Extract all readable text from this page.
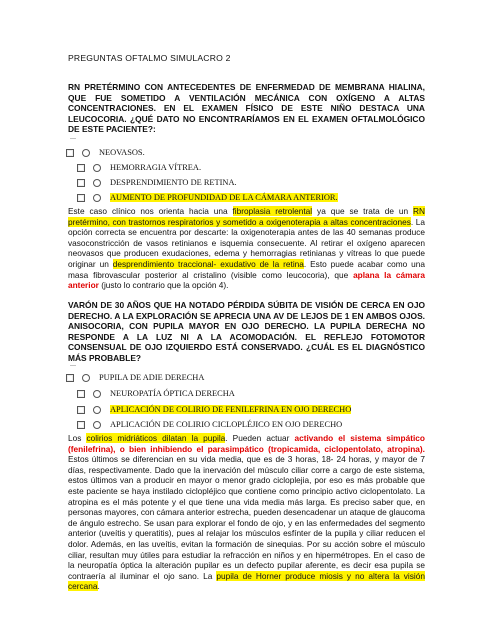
PREGUNTAS OFTALMO SIMULACRO 2
RN PRETÉRMINO CON ANTECEDENTES DE ENFERMEDAD DE MEMBRANA HIALINA, QUE FUE SOMETIDO A VENTILACIÓN MECÁNICA CON OXÍGENO A ALTAS CONCENTRACIONES. EN EL EXAMEN FÍSICO DE ESTE NIÑO DESTACA UNA LEUCOCORIA. ¿QUÉ DATO NO ENCONTRARÍAMOS EN EL EXAMEN OFTALMOLÓGICO DE ESTE PACIENTE?:
—
NEOVASOS.
HEMORRAGIA VÍTREA.
DESPRENDIMIENTO DE RETINA.
AUMENTO DE PROFUNDIDAD DE LA CÁMARA ANTERIOR.
Este caso clínico nos orienta hacia una fibroplasia retrolental ya que se trata de un RN pretérmino, con trastornos respiratorios y sometido a oxigenoterapia a altas concentraciones. La opción correcta se encuentra por descarte: la oxigenoterapia antes de las 40 semanas produce vasoconstricción de vasos retinianos e isquemia consecuente. Al retirar el oxígeno aparecen neovasos que producen exudaciones, edema y hemorragias retinianas y vítreas lo que puede originar un desprendimiento traccional- exudativo de la retina. Esto puede acabar como una masa fibrovascular posterior al cristalino (visible como leucocoria), que aplana la cámara anterior (justo lo contrario que la opción 4).
VARÓN DE 30 AÑOS QUE HA NOTADO PÉRDIDA SÚBITA DE VISIÓN DE CERCA EN OJO DERECHO. A LA EXPLORACIÓN SE APRECIA UNA AV DE LEJOS DE 1 EN AMBOS OJOS. ANISOCORIA, CON PUPILA MAYOR EN OJO DERECHO. LA PUPILA DERECHA NO RESPONDE A LA LUZ NI A LA ACOMODACIÓN. EL REFLEJO FOTOMOTOR CONSENSUAL DE OJO IZQUIERDO ESTÁ CONSERVADO. ¿CUÁL ES EL DIAGNÓSTICO MÁS PROBABLE?
—
PUPILA DE ADIE DERECHA
NEUROPATÍA ÓPTICA DERECHA
APLICACIÓN DE COLIRIO DE FENILEFRINA EN OJO DERECHO
APLICACIÓN DE COLIRIO CICLOPLÉJICO EN OJO DERECHO
Los colirios midriáticos dilatan la pupila. Pueden actuar activando el sistema simpático (fenilefrina), o bien inhibiendo el parasimpático (tropicamida, ciclopentolato, atropina). Estos últimos se diferencian en su vida media, que es de 3 horas, 18- 24 horas, y mayor de 7 días, respectivamente. Dado que la inervación del músculo ciliar corre a cargo de este sistema, estos últimos van a producir en mayor o menor grado cicloplejia, por eso es más probable que este paciente se haya instilado ciclopléjico que contiene como principio activo ciclopentolato. La atropina es el más potente y el que tiene una vida media más larga. Es preciso saber que, en personas mayores, con cámara anterior estrecha, pueden desencadenar un ataque de glaucoma de ángulo estrecho. Se usan para explorar el fondo de ojo, y en las enfermedades del segmento anterior (uveítis y queratitis), pues al relajar los músculos esfínter de la pupila y ciliar reducen el dolor. Además, en las uveítis, evitan la formación de sinequias. Por su acción sobre el músculo ciliar, resultan muy útiles para estudiar la refracción en niños y en hipermétropes. En el caso de la neuropatía óptica la alteración pupilar es un defecto pupilar aferente, es decir esa pupila se contraería al iluminar el ojo sano. La pupila de Horner produce miosis y no altera la visión cercana.
